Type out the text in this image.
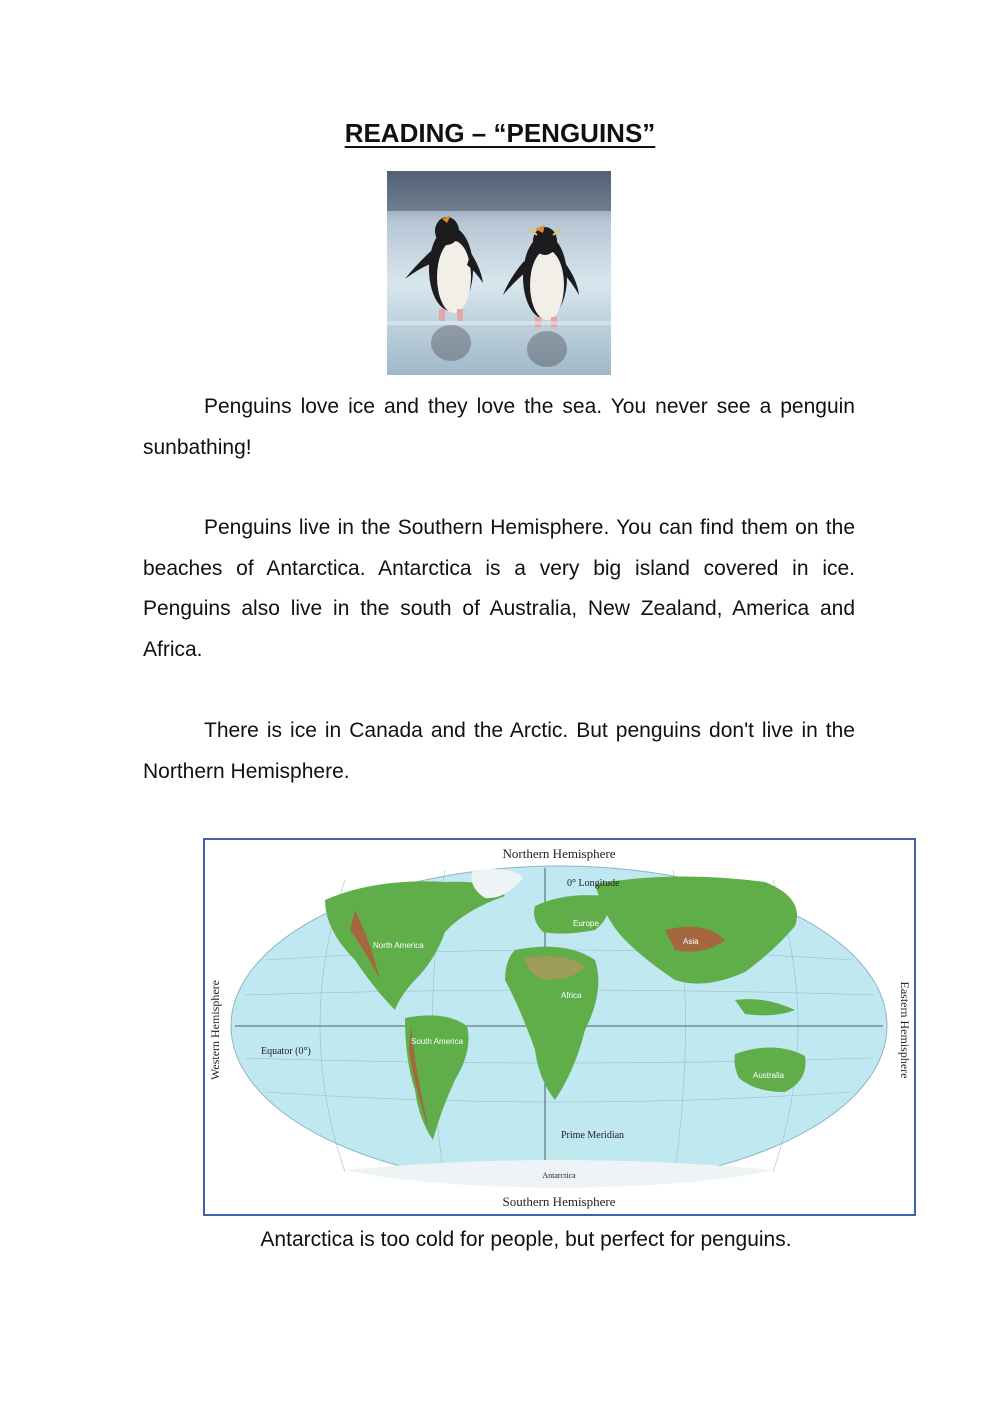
READING – “PENGUINS”

Penguins love ice and they love the sea. You never see a penguin sunbathing!

Penguins live in the Southern Hemisphere. You can find them on the beaches of Antarctica. Antarctica is a very big island covered in ice. Penguins also live in the south of Australia, New Zealand, America and Africa.

There is ice in Canada and the Arctic. But penguins don't live in the Northern Hemisphere.

Northern Hemisphere
Southern Hemisphere
Western Hemisphere	Eastern Hemisphere
0° Longitude
Equator (0°)
Prime Meridian
Antarctica
North America
South America
Europe
Africa
Asia
Australia

Antarctica is too cold for people, but perfect for penguins.
